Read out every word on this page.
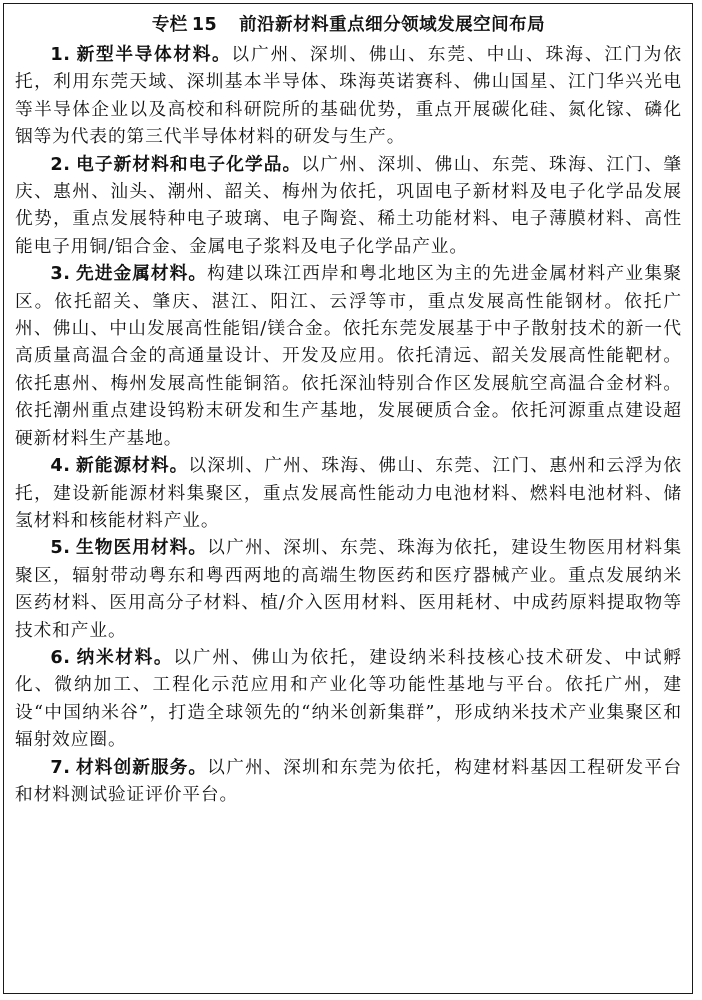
专栏 15 前沿新材料重点细分领域发展空间布局

1. 新型半导体材料。以广州、深圳、佛山、东莞、中山、珠海、江门为依托，利用东莞天域、深圳基本半导体、珠海英诺赛科、佛山国星、江门华兴光电等半导体企业以及高校和科研院所的基础优势，重点开展碳化硅、氮化镓、磷化铟等为代表的第三代半导体材料的研发与生产。

2. 电子新材料和电子化学品。以广州、深圳、佛山、东莞、珠海、江门、肇庆、惠州、汕头、潮州、韶关、梅州为依托，巩固电子新材料及电子化学品发展优势，重点发展特种电子玻璃、电子陶瓷、稀土功能材料、电子薄膜材料、高性能电子用铜/铝合金、金属电子浆料及电子化学品产业。

3. 先进金属材料。构建以珠江西岸和粤北地区为主的先进金属材料产业集聚区。依托韶关、肇庆、湛江、阳江、云浮等市，重点发展高性能钢材。依托广州、佛山、中山发展高性能铝/镁合金。依托东莞发展基于中子散射技术的新一代高质量高温合金的高通量设计、开发及应用。依托清远、韶关发展高性能靶材。依托惠州、梅州发展高性能铜箔。依托深汕特别合作区发展航空高温合金材料。依托潮州重点建设钨粉末研发和生产基地，发展硬质合金。依托河源重点建设超硬新材料生产基地。

4. 新能源材料。以深圳、广州、珠海、佛山、东莞、江门、惠州和云浮为依托，建设新能源材料集聚区，重点发展高性能动力电池材料、燃料电池材料、储氢材料和核能材料产业。

5. 生物医用材料。以广州、深圳、东莞、珠海为依托，建设生物医用材料集聚区，辐射带动粤东和粤西两地的高端生物医药和医疗器械产业。重点发展纳米医药材料、医用高分子材料、植/介入医用材料、医用耗材、中成药原料提取物等技术和产业。

6. 纳米材料。以广州、佛山为依托，建设纳米科技核心技术研发、中试孵化、微纳加工、工程化示范应用和产业化等功能性基地与平台。依托广州，建设“中国纳米谷”，打造全球领先的“纳米创新集群”，形成纳米技术产业集聚区和辐射效应圈。

7. 材料创新服务。以广州、深圳和东莞为依托，构建材料基因工程研发平台和材料测试验证评价平台。
